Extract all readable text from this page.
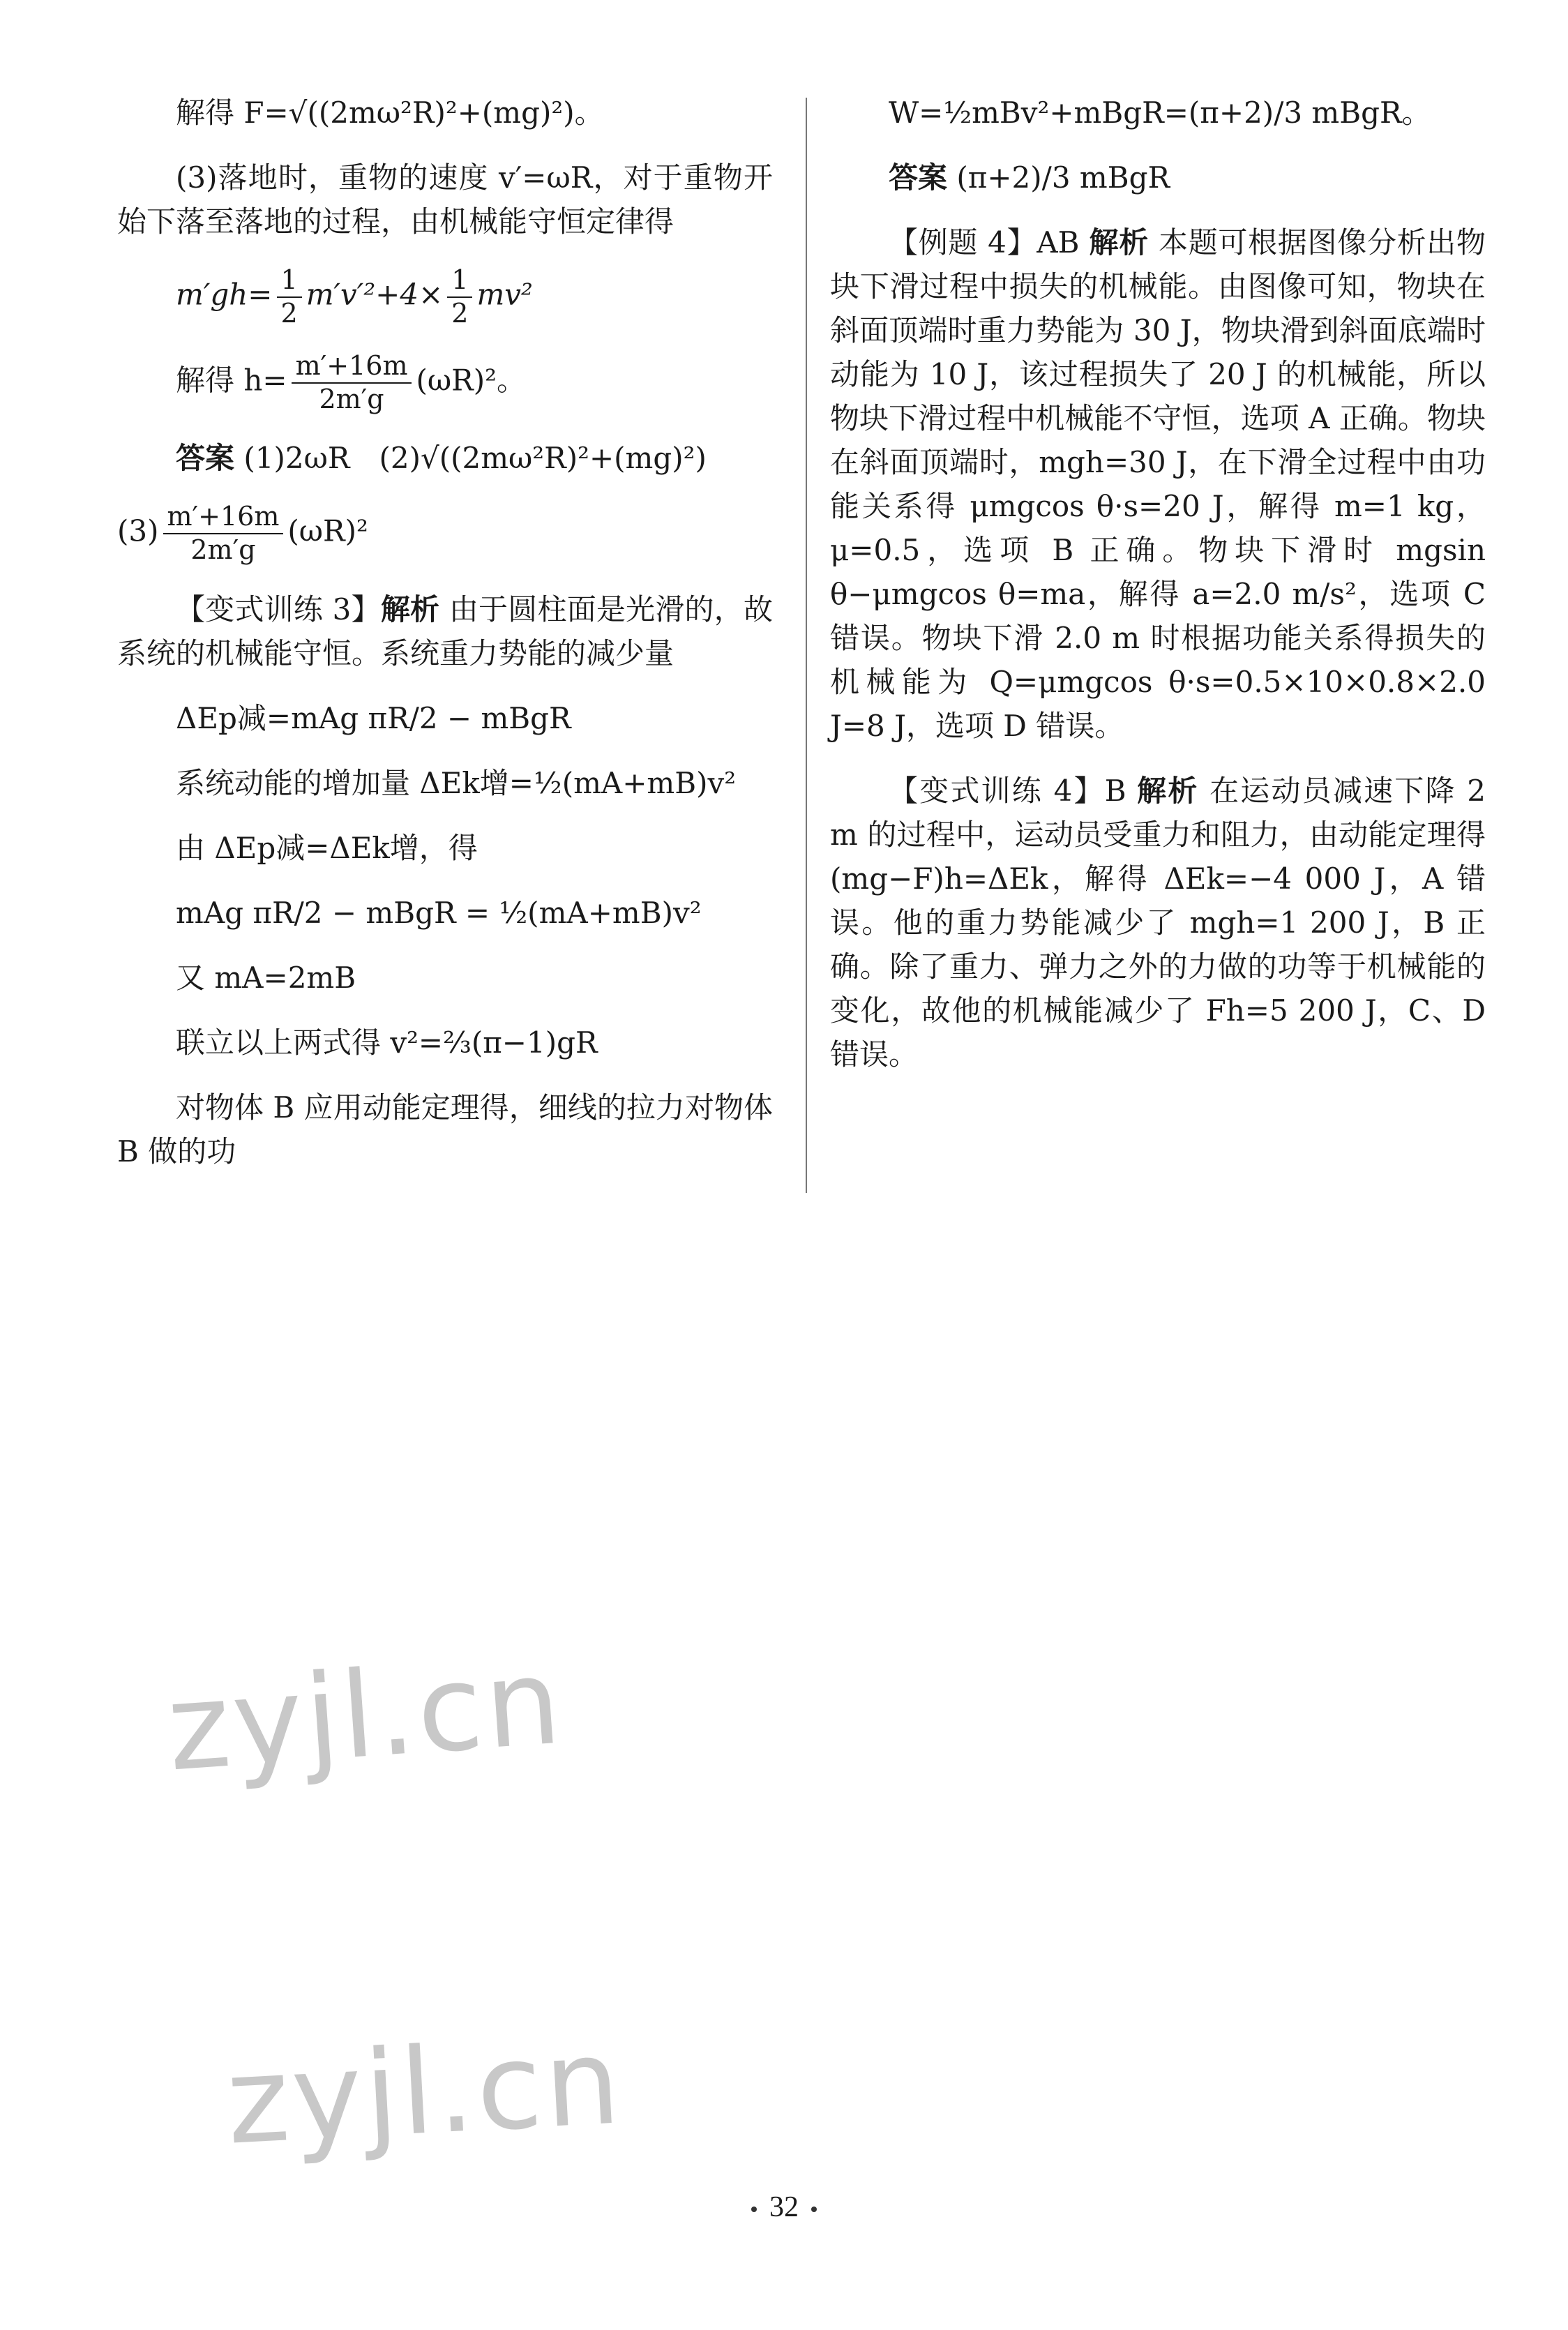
解得 F=√((2mω²R)²+(mg)²)。
(3)落地时，重物的速度 v′=ωR，对于重物开始下落至落地的过程，由机械能守恒定律得
$m'gh= \frac{1}{2} m'v'^2+4\times \frac{1}{2} mv^2$
解得 $h= \frac{m'+16m}{2m'g} (\omega R)^2$。
答案 (1)2ωR　(2)√((2mω²R)²+(mg)²)
$(3) \frac{m'+16m}{2m'g} (\omega R)^2$
【变式训练 3】解析 由于圆柱面是光滑的，故系统的机械能守恒。系统重力势能的减少量
ΔEp减=mAg πR/2 − mBgR
系统动能的增加量 ΔEk增=½(mA+mB)v²
由 ΔEp减=ΔEk增，得
mAg πR/2 − mBgR = ½(mA+mB)v²
又 mA=2mB
联立以上两式得 v²=⅔(π−1)gR
对物体 B 应用动能定理得，细线的拉力对物体 B 做的功
W=½mBv²+mBgR=(π+2)/3 mBgR。
答案 (π+2)/3 mBgR
【例题 4】AB 解析 本题可根据图像分析出物块下滑过程中损失的机械能。由图像可知，物块在斜面顶端时重力势能为 30 J，物块滑到斜面底端时动能为 10 J，该过程损失了 20 J 的机械能，所以物块下滑过程中机械能不守恒，选项 A 正确。物块在斜面顶端时，mgh=30 J，在下滑全过程中由功能关系得 μmgcos θ·s=20 J，解得 m=1 kg，μ=0.5，选项 B 正确。物块下滑时 mgsin θ−μmgcos θ=ma，解得 a=2.0 m/s²，选项 C 错误。物块下滑 2.0 m 时根据功能关系得损失的机械能为 Q=μmgcos θ·s=0.5×10×0.8×2.0 J=8 J，选项 D 错误。
【变式训练 4】B 解析 在运动员减速下降 2 m 的过程中，运动员受重力和阻力，由动能定理得(mg−F)h=ΔEk，解得 ΔEk=−4 000 J，A 错误。他的重力势能减少了 mgh=1 200 J，B 正确。除了重力、弹力之外的力做的功等于机械能的变化，故他的机械能减少了 Fh=5 200 J，C、D 错误。
zyjl.cn
zyjl.cn
32
